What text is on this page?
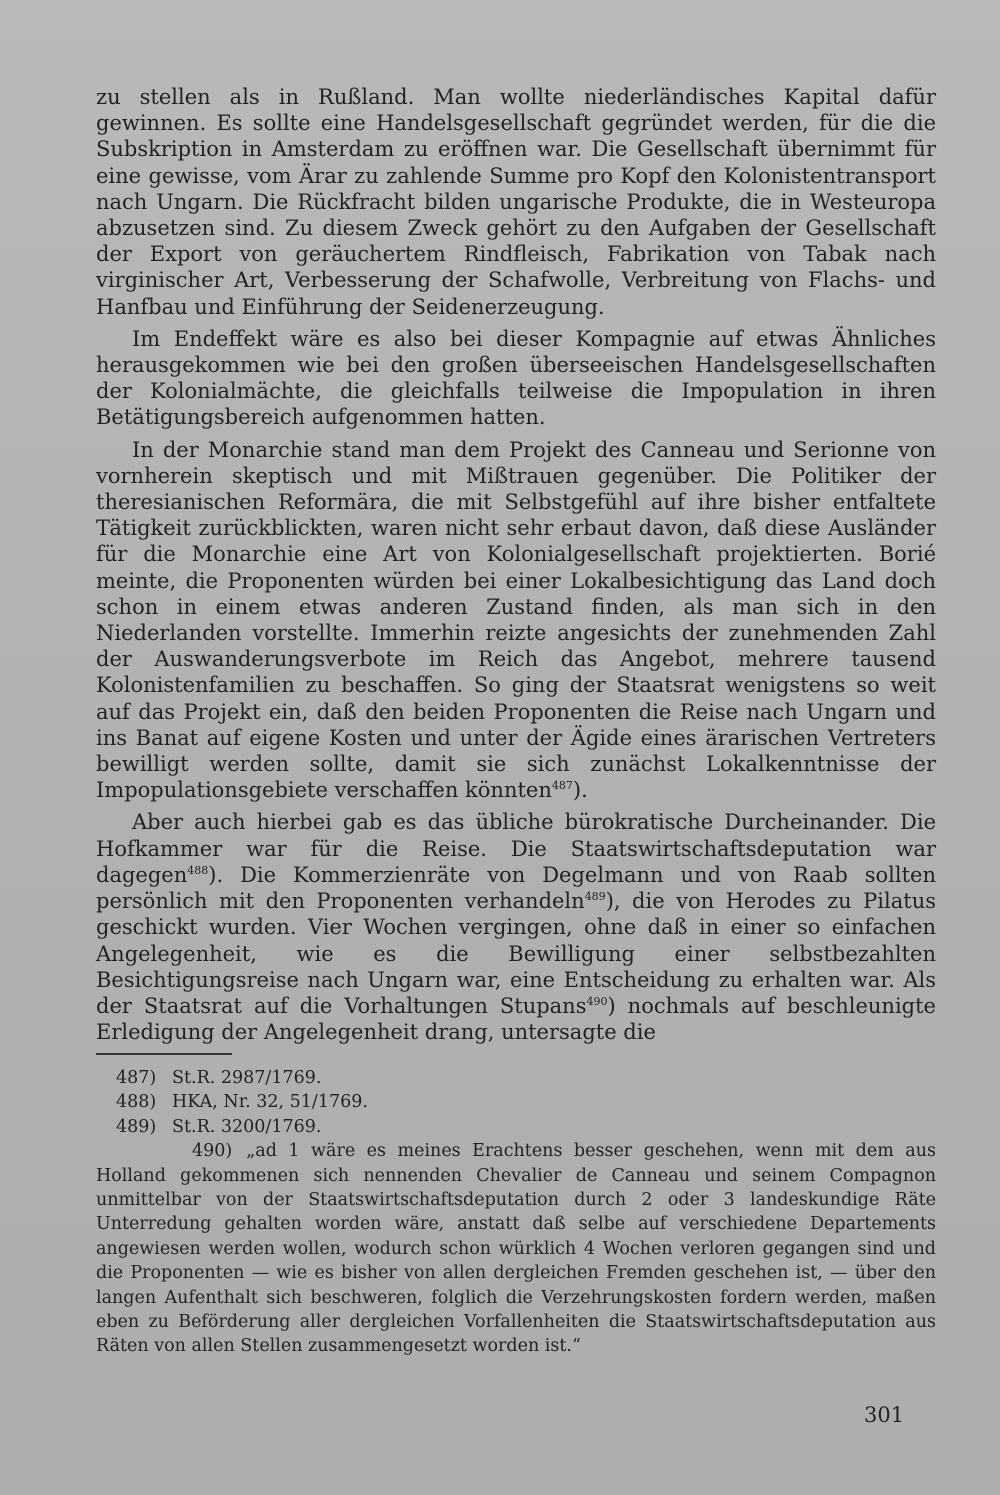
zu stellen als in Rußland. Man wollte niederländisches Kapital dafür gewinnen. Es sollte eine Handelsgesellschaft gegründet werden, für die die Subskription in Amsterdam zu eröffnen war. Die Gesellschaft übernimmt für eine gewisse, vom Ärar zu zahlende Summe pro Kopf den Kolonistentransport nach Ungarn. Die Rückfracht bilden ungarische Produkte, die in Westeuropa abzusetzen sind. Zu diesem Zweck gehört zu den Aufgaben der Gesellschaft der Export von geräuchertem Rindfleisch, Fabrikation von Tabak nach virginischer Art, Verbesserung der Schafwolle, Verbreitung von Flachs- und Hanfbau und Einführung der Seidenerzeugung.

Im Endeffekt wäre es also bei dieser Kompagnie auf etwas Ähnliches herausgekommen wie bei den großen überseeischen Handelsgesellschaften der Kolonialmächte, die gleichfalls teilweise die Impopulation in ihren Betätigungsbereich aufgenommen hatten.

In der Monarchie stand man dem Projekt des Canneau und Serionne von vornherein skeptisch und mit Mißtrauen gegenüber. Die Politiker der theresianischen Reformära, die mit Selbstgefühl auf ihre bisher entfaltete Tätigkeit zurückblickten, waren nicht sehr erbaut davon, daß diese Ausländer für die Monarchie eine Art von Kolonialgesellschaft projektierten. Borié meinte, die Proponenten würden bei einer Lokalbesichtigung das Land doch schon in einem etwas anderen Zustand finden, als man sich in den Niederlanden vorstellte. Immerhin reizte angesichts der zunehmenden Zahl der Auswanderungsverbote im Reich das Angebot, mehrere tausend Kolonistenfamilien zu beschaffen. So ging der Staatsrat wenigstens so weit auf das Projekt ein, daß den beiden Proponenten die Reise nach Ungarn und ins Banat auf eigene Kosten und unter der Ägide eines ärarischen Vertreters bewilligt werden sollte, damit sie sich zunächst Lokalkenntnisse der Impopulationsgebiete verschaffen könnten$^{487}$).

Aber auch hierbei gab es das übliche bürokratische Durcheinander. Die Hofkammer war für die Reise. Die Staatswirtschaftsdeputation war dagegen$^{488}$). Die Kommerzienräte von Degelmann und von Raab sollten persönlich mit den Proponenten verhandeln$^{489}$), die von Herodes zu Pilatus geschickt wurden. Vier Wochen vergingen, ohne daß in einer so einfachen Angelegenheit, wie es die Bewilligung einer selbstbezahlten Besichtigungsreise nach Ungarn war, eine Entscheidung zu erhalten war. Als der Staatsrat auf die Vorhaltungen Stupans$^{490}$) nochmals auf beschleunigte Erledigung der Angelegenheit drang, untersagte die

487) St.R. 2987/1769.

488) HKA, Nr. 32, 51/1769.

489) St.R. 3200/1769.

490) „ad 1 wäre es meines Erachtens besser geschehen, wenn mit dem aus Holland gekommenen sich nennenden Chevalier de Canneau und seinem Compagnon unmittelbar von der Staatswirtschaftsdeputation durch 2 oder 3 landeskundige Räte Unterredung gehalten worden wäre, anstatt daß selbe auf verschiedene Departements angewiesen werden wollen, wodurch schon würklich 4 Wochen verloren gegangen sind und die Proponenten — wie es bisher von allen dergleichen Fremden geschehen ist, — über den langen Aufenthalt sich beschweren, folglich die Verzehrungskosten fordern werden, maßen eben zu Beförderung aller dergleichen Vorfallenheiten die Staatswirtschaftsdeputation aus Räten von allen Stellen zusammengesetzt worden ist.“

301
